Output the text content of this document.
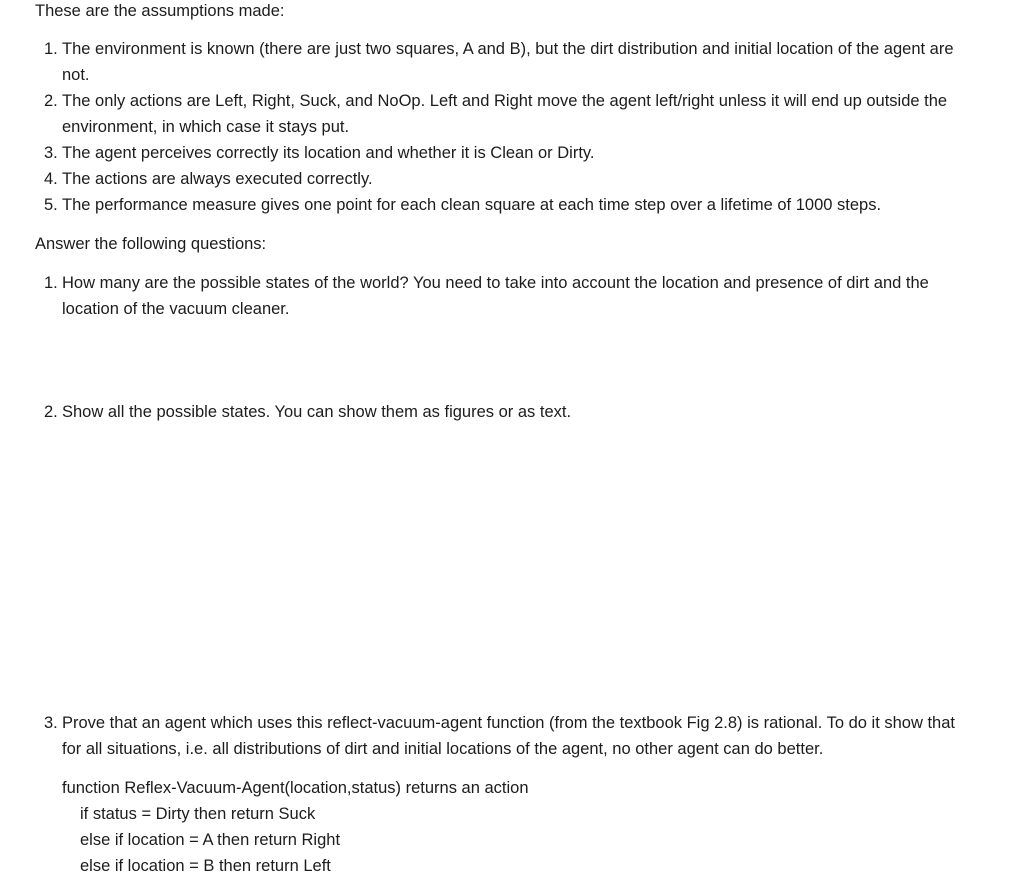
These are the assumptions made:

1. The environment is known (there are just two squares, A and B), but the dirt distribution and initial location of the agent are not.
2. The only actions are Left, Right, Suck, and NoOp. Left and Right move the agent left/right unless it will end up outside the environment, in which case it stays put.
3. The agent perceives correctly its location and whether it is Clean or Dirty.
4. The actions are always executed correctly.
5. The performance measure gives one point for each clean square at each time step over a lifetime of 1000 steps.

Answer the following questions:

1. How many are the possible states of the world? You need to take into account the location and presence of dirt and the location of the vacuum cleaner.
2. Show all the possible states. You can show them as figures or as text.
3. Prove that an agent which uses this reflect-vacuum-agent function (from the textbook Fig 2.8) is rational. To do it show that for all situations, i.e. all distributions of dirt and initial locations of the agent, no other agent can do better.
function Reflex-Vacuum-Agent(location,status) returns an action
if status = Dirty then return Suck
else if location = A then return Right
else if location = B then return Left
